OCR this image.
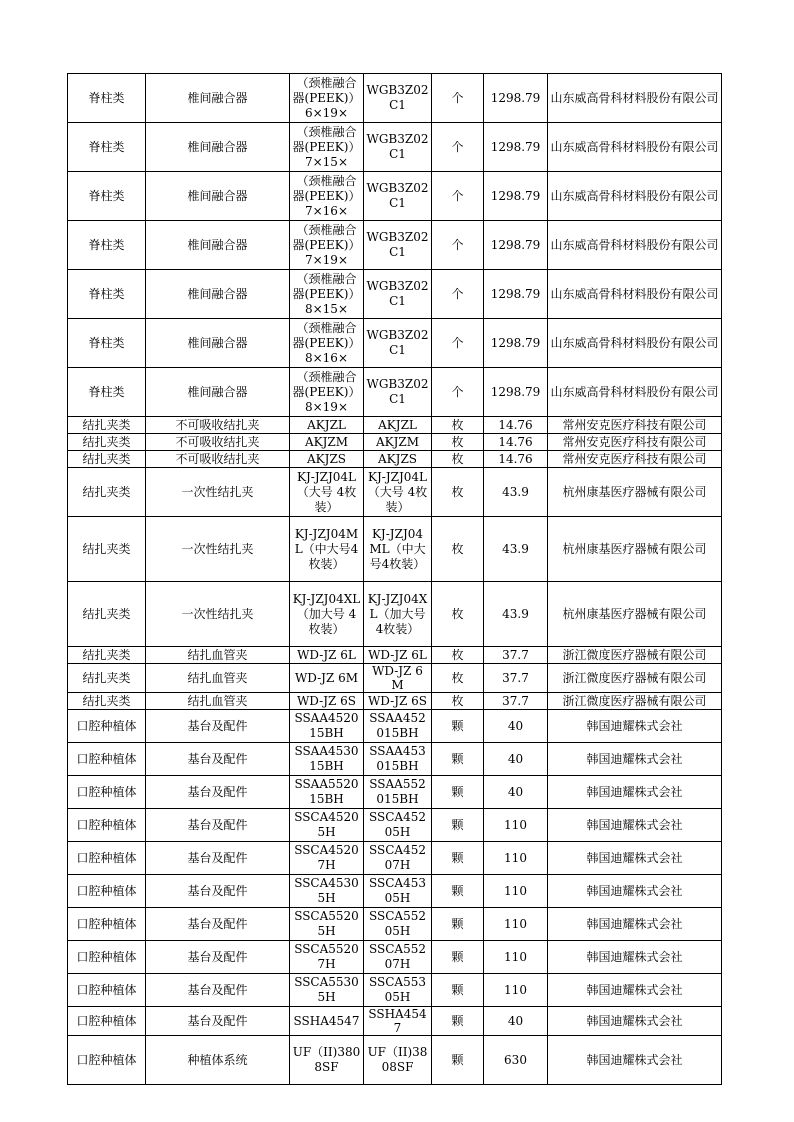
脊柱类	椎间融合器	（颈椎融合器(PEEK)）6×19×	WGB3Z02C1	个	1298.79	山东威高骨科材料股份有限公司
脊柱类	椎间融合器	（颈椎融合器(PEEK)）7×15×	WGB3Z02C1	个	1298.79	山东威高骨科材料股份有限公司
脊柱类	椎间融合器	（颈椎融合器(PEEK)）7×16×	WGB3Z02C1	个	1298.79	山东威高骨科材料股份有限公司
脊柱类	椎间融合器	（颈椎融合器(PEEK)）7×19×	WGB3Z02C1	个	1298.79	山东威高骨科材料股份有限公司
脊柱类	椎间融合器	（颈椎融合器(PEEK)）8×15×	WGB3Z02C1	个	1298.79	山东威高骨科材料股份有限公司
脊柱类	椎间融合器	（颈椎融合器(PEEK)）8×16×	WGB3Z02C1	个	1298.79	山东威高骨科材料股份有限公司
脊柱类	椎间融合器	（颈椎融合器(PEEK)）8×19×	WGB3Z02C1	个	1298.79	山东威高骨科材料股份有限公司
结扎夹类	不可吸收结扎夹	AKJZL	AKJZL	枚	14.76	常州安克医疗科技有限公司
结扎夹类	不可吸收结扎夹	AKJZM	AKJZM	枚	14.76	常州安克医疗科技有限公司
结扎夹类	不可吸收结扎夹	AKJZS	AKJZS	枚	14.76	常州安克医疗科技有限公司
结扎夹类	一次性结扎夹	KJ-JZJ04L（大号 4枚装）	KJ-JZJ04L（大号 4枚装）	枚	43.9	杭州康基医疗器械有限公司
结扎夹类	一次性结扎夹	KJ-JZJ04ML（中大号4枚装）	KJ-JZJ04ML（中大号4枚装）	枚	43.9	杭州康基医疗器械有限公司
结扎夹类	一次性结扎夹	KJ-JZJ04XL（加大号 4枚装）	KJ-JZJ04XL（加大号4枚装）	枚	43.9	杭州康基医疗器械有限公司
结扎夹类	结扎血管夹	WD-JZ 6L	WD-JZ 6L	枚	37.7	浙江微度医疗器械有限公司
结扎夹类	结扎血管夹	WD-JZ 6M	WD-JZ 6M	枚	37.7	浙江微度医疗器械有限公司
结扎夹类	结扎血管夹	WD-JZ 6S	WD-JZ 6S	枚	37.7	浙江微度医疗器械有限公司
口腔种植体	基台及配件	SSAA452015BH	SSAA452015BH	颗	40	韩国迪耀株式会社
口腔种植体	基台及配件	SSAA453015BH	SSAA453015BH	颗	40	韩国迪耀株式会社
口腔种植体	基台及配件	SSAA552015BH	SSAA552015BH	颗	40	韩国迪耀株式会社
口腔种植体	基台及配件	SSCA45205H	SSCA45205H	颗	110	韩国迪耀株式会社
口腔种植体	基台及配件	SSCA45207H	SSCA45207H	颗	110	韩国迪耀株式会社
口腔种植体	基台及配件	SSCA45305H	SSCA45305H	颗	110	韩国迪耀株式会社
口腔种植体	基台及配件	SSCA55205H	SSCA55205H	颗	110	韩国迪耀株式会社
口腔种植体	基台及配件	SSCA55207H	SSCA55207H	颗	110	韩国迪耀株式会社
口腔种植体	基台及配件	SSCA55305H	SSCA55305H	颗	110	韩国迪耀株式会社
口腔种植体	基台及配件	SSHA4547	SSHA4547	颗	40	韩国迪耀株式会社
口腔种植体	种植体系统	UF（II)3808SF	UF（II)3808SF	颗	630	韩国迪耀株式会社
